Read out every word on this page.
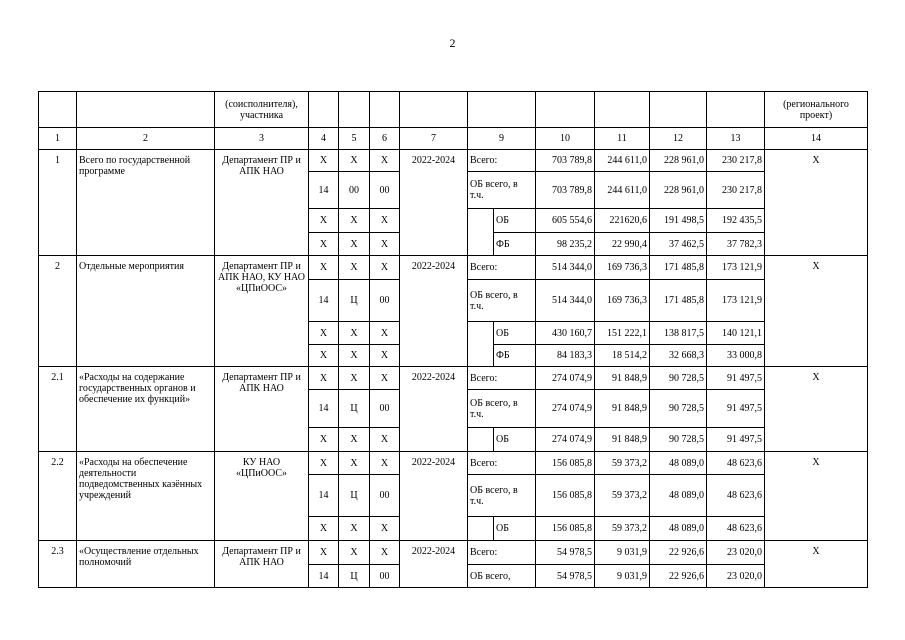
2
		(соисполнителя), участника											(регионального проект)
1	2	3	4	5	6	7	9		10	11	12	13	14
1	Всего по государственной программе	Департамент ПР и АПК НАО	Х	Х	Х	2022-2024	Всего:		703 789,8	244 611,0	228 961,0	230 217,8	Х
			14	00	00		ОБ всего, в т.ч.		703 789,8	244 611,0	228 961,0	230 217,8	
			Х	Х	Х			ОБ	605 554,6	221620,6	191 498,5	192 435,5	
			Х	Х	Х			ФБ	98 235,2	22 990,4	37 462,5	37 782,3	
2	Отдельные мероприятия	Департамент ПР и АПК НАО, КУ НАО «ЦПиООС»	Х	Х	Х	2022-2024	Всего:		514 344,0	169 736,3	171 485,8	173 121,9	Х
			14	Ц	00		ОБ всего, в т.ч.		514 344,0	169 736,3	171 485,8	173 121,9	
			Х	Х	Х			ОБ	430 160,7	151 222,1	138 817,5	140 121,1	
			Х	Х	Х			ФБ	84 183,3	18 514,2	32 668,3	33 000,8	
2.1	«Расходы на содержание государственных органов и обеспечение их функций»	Департамент ПР и АПК НАО	Х	Х	Х	2022-2024	Всего:		274 074,9	91 848,9	90 728,5	91 497,5	Х
			14	Ц	00		ОБ всего, в т.ч.		274 074,9	91 848,9	90 728,5	91 497,5	
			Х	Х	Х			ОБ	274 074,9	91 848,9	90 728,5	91 497,5	
2.2	«Расходы на обеспечение деятельности подведомственных казённых учреждений	КУ НАО «ЦПиООС»	Х	Х	Х	2022-2024	Всего:		156 085,8	59 373,2	48 089,0	48 623,6	Х
			14	Ц	00		ОБ всего, в т.ч.		156 085,8	59 373,2	48 089,0	48 623,6	
			Х	Х	Х			ОБ	156 085,8	59 373,2	48 089,0	48 623,6	
2.3	«Осуществление отдельных полномочий	Департамент ПР и АПК НАО	Х	Х	Х	2022-2024	Всего:		54 978,5	9 031,9	22 926,6	23 020,0	Х
			14	Ц	00		ОБ всего,		54 978,5	9 031,9	22 926,6	23 020,0	
